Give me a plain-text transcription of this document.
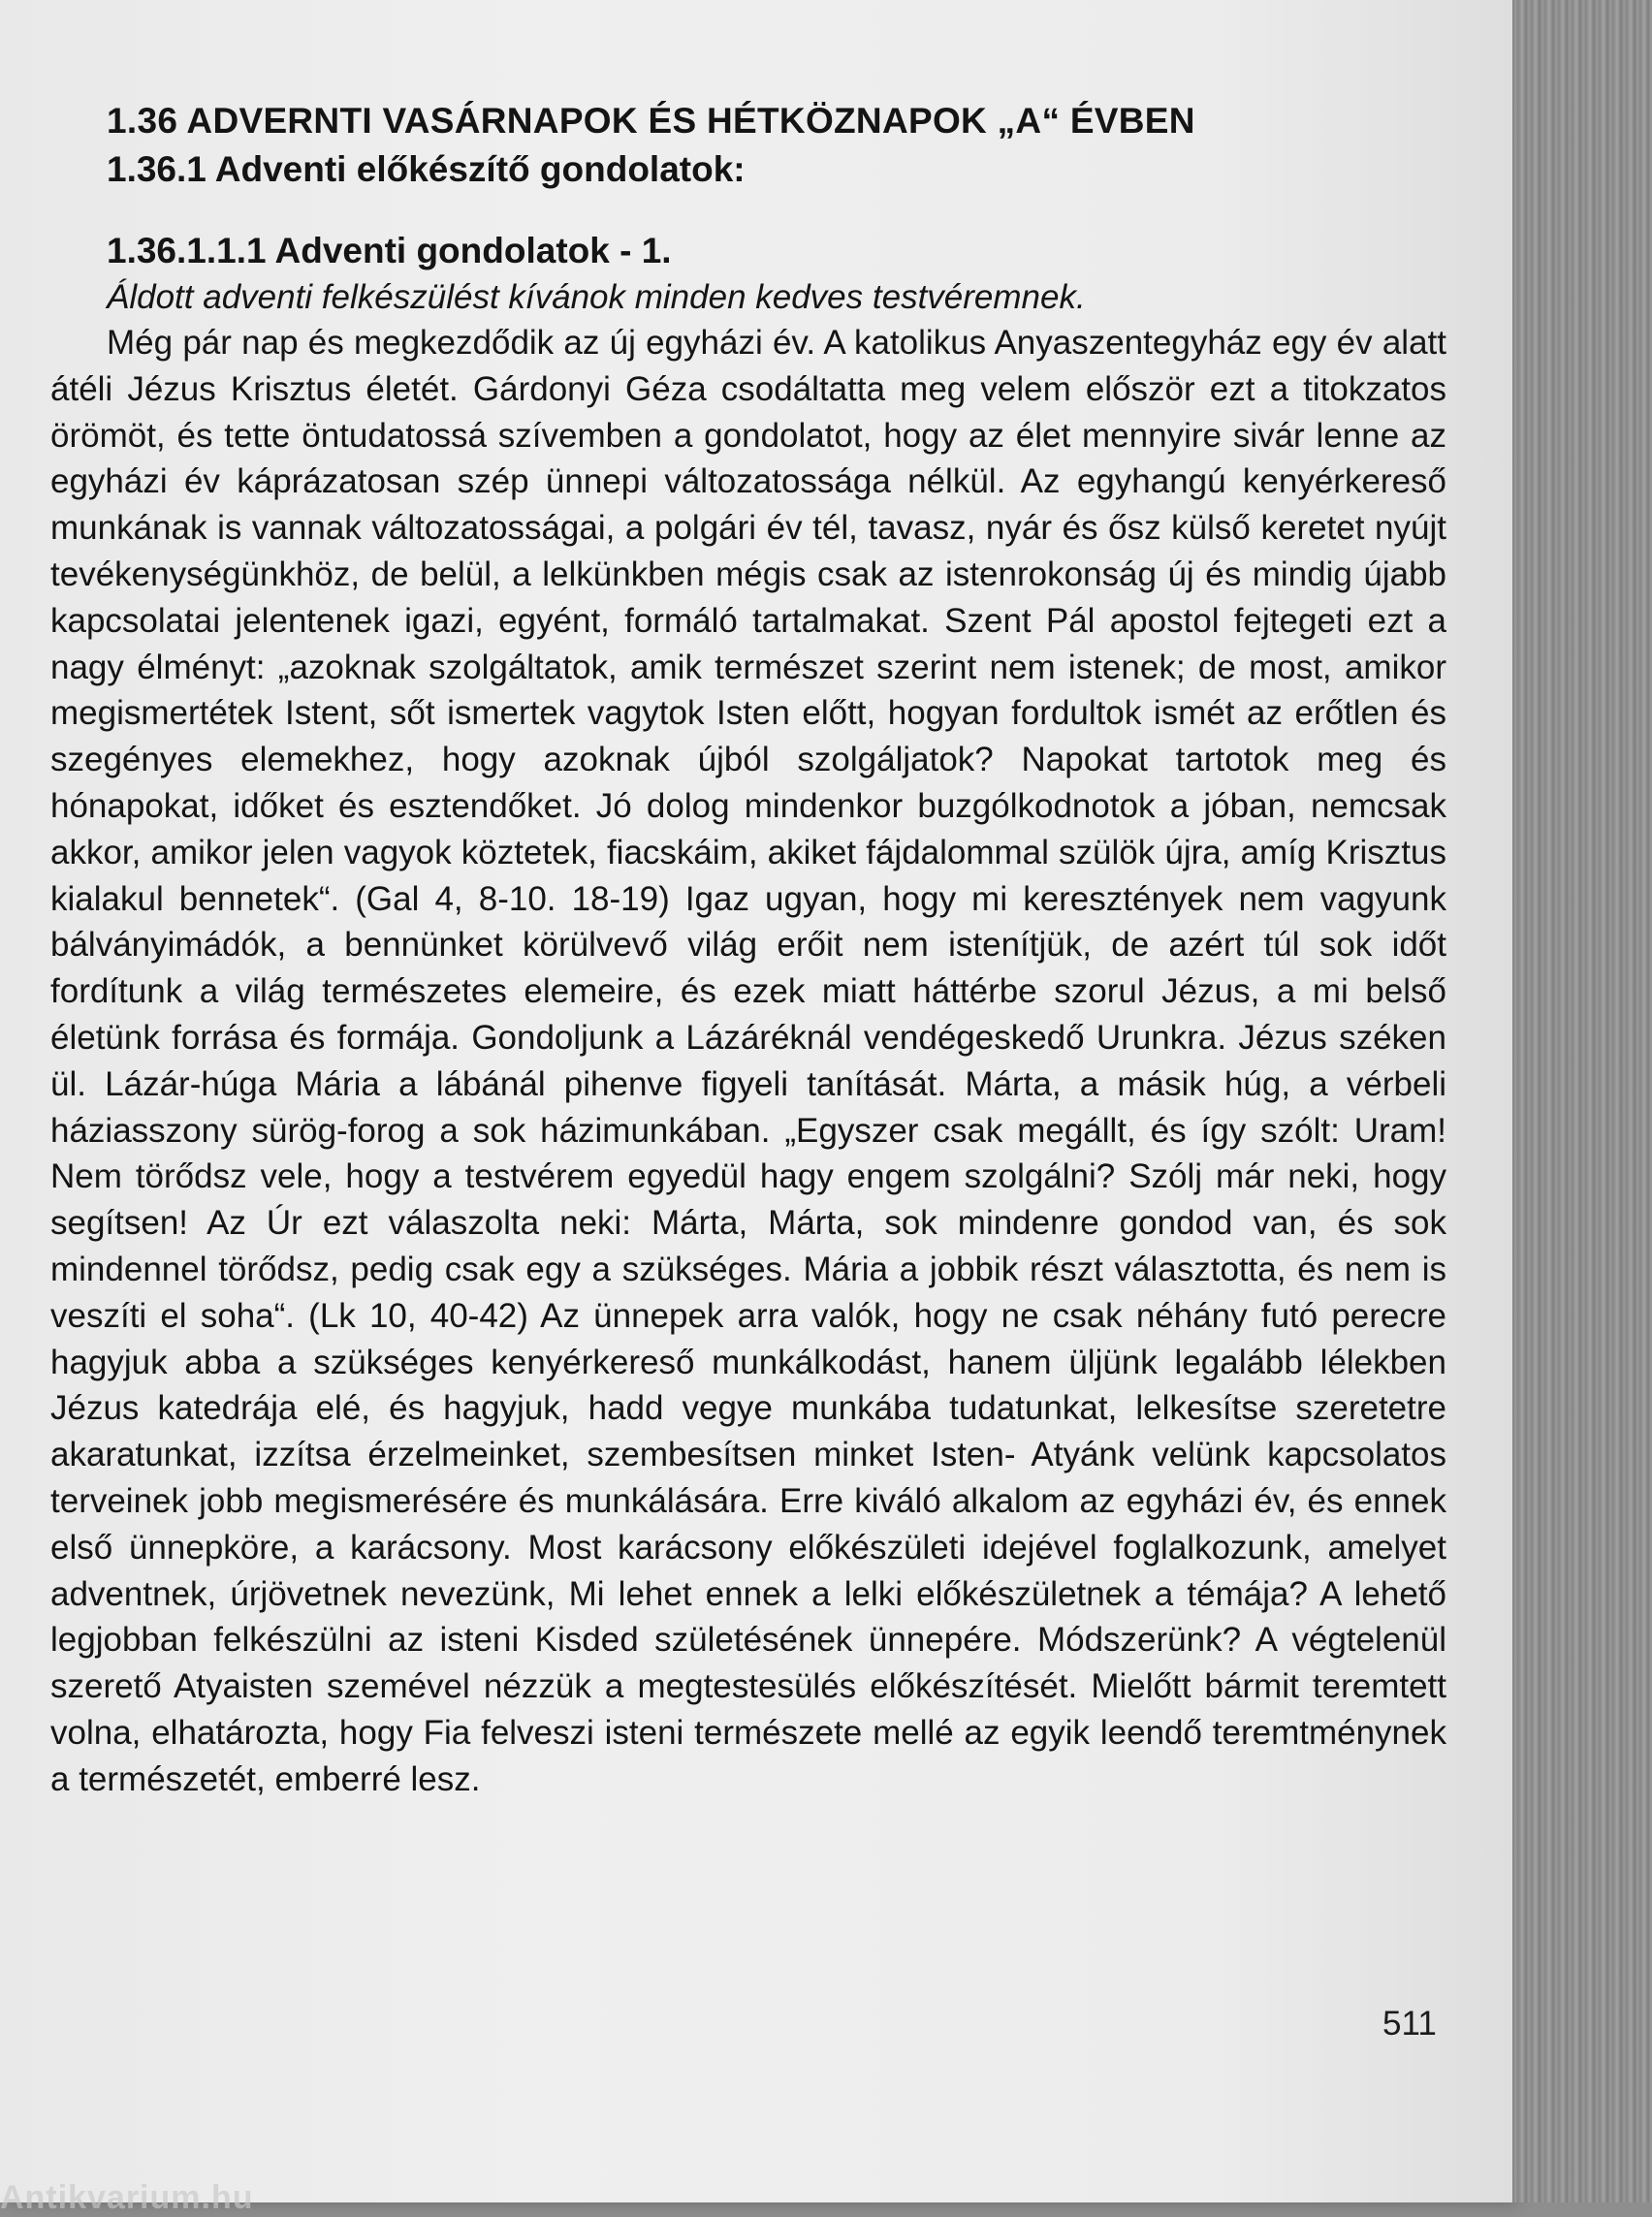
1.36 ADVERNTI VASÁRNAPOK ÉS HÉTKÖZNAPOK „A“ ÉVBEN
1.36.1 Adventi előkészítő gondolatok:
1.36.1.1.1 Adventi gondolatok - 1.
Áldott adventi felkészülést kívánok minden kedves testvéremnek.

Még pár nap és megkezdődik az új egyházi év. A katolikus Anyaszentegyház egy év alatt átéli Jézus Krisztus életét. Gárdonyi Géza csodáltatta meg velem először ezt a titokzatos örömöt, és tette öntudatossá szívemben a gondolatot, hogy az élet mennyire sivár lenne az egyházi év káprázatosan szép ünnepi változatossága nélkül. Az egyhangú kenyérkereső munkának is vannak változatosságai, a polgári év tél, tavasz, nyár és ősz külső keretet nyújt tevékenységünkhöz, de belül, a lelkünkben mégis csak az istenrokonság új és mindig újabb kapcsolatai jelentenek igazi, egyént, formáló tartalmakat. Szent Pál apostol fejtegeti ezt a nagy élményt: „azoknak szolgáltatok, amik természet szerint nem istenek; de most, amikor megismertétek Istent, sőt ismertek vagytok Isten előtt, hogyan fordultok ismét az erőtlen és szegényes elemekhez, hogy azoknak újból szolgáljatok? Napokat tartotok meg és hónapokat, időket és esztendőket. Jó dolog mindenkor buzgólkodnotok a jóban, nemcsak akkor, amikor jelen vagyok köztetek, fiacskáim, akiket fájdalommal szülök újra, amíg Krisztus kialakul bennetek“. (Gal 4, 8-10. 18-19) Igaz ugyan, hogy mi keresztények nem vagyunk bálványimádók, a bennünket körülvevő világ erőit nem istenítjük, de azért túl sok időt fordítunk a világ természetes elemeire, és ezek miatt háttérbe szorul Jézus, a mi belső életünk forrása és formája. Gondoljunk a Lázáréknál vendégeskedő Urunkra. Jézus széken ül. Lázár-húga Mária a lábánál pihenve figyeli tanítását. Márta, a másik húg, a vérbeli háziasszony sürög-forog a sok házimunkában. „Egyszer csak megállt, és így szólt: Uram! Nem törődsz vele, hogy a testvérem egyedül hagy engem szolgálni? Szólj már neki, hogy segítsen! Az Úr ezt válaszolta neki: Márta, Márta, sok mindenre gondod van, és sok mindennel törődsz, pedig csak egy a szükséges. Mária a jobbik részt választotta, és nem is veszíti el soha“. (Lk 10, 40-42) Az ünnepek arra valók, hogy ne csak néhány futó perecre hagyjuk abba a szükséges kenyérkereső munkálkodást, hanem üljünk legalább lélekben Jézus katedrája elé, és hagyjuk, hadd vegye munkába tudatunkat, lelkesítse szeretetre akaratunkat, izzítsa érzelmeinket, szembesítsen minket Isten- Atyánk velünk kapcsolatos terveinek jobb megismerésére és munkálására. Erre kiváló alkalom az egyházi év, és ennek első ünnepköre, a karácsony. Most karácsony előkészületi idejével foglalkozunk, amelyet adventnek, úrjövetnek nevezünk, Mi lehet ennek a lelki előkészületnek a témája? A lehető legjobban felkészülni az isteni Kisded születésének ünnepére. Módszerünk? A végtelenül szerető Atyaisten szemével nézzük a megtestesülés előkészítését. Mielőtt bármit teremtett volna, elhatározta, hogy Fia felveszi isteni természete mellé az egyik leendő teremtménynek a természetét, emberré lesz.

511
Antikvarium.hu
